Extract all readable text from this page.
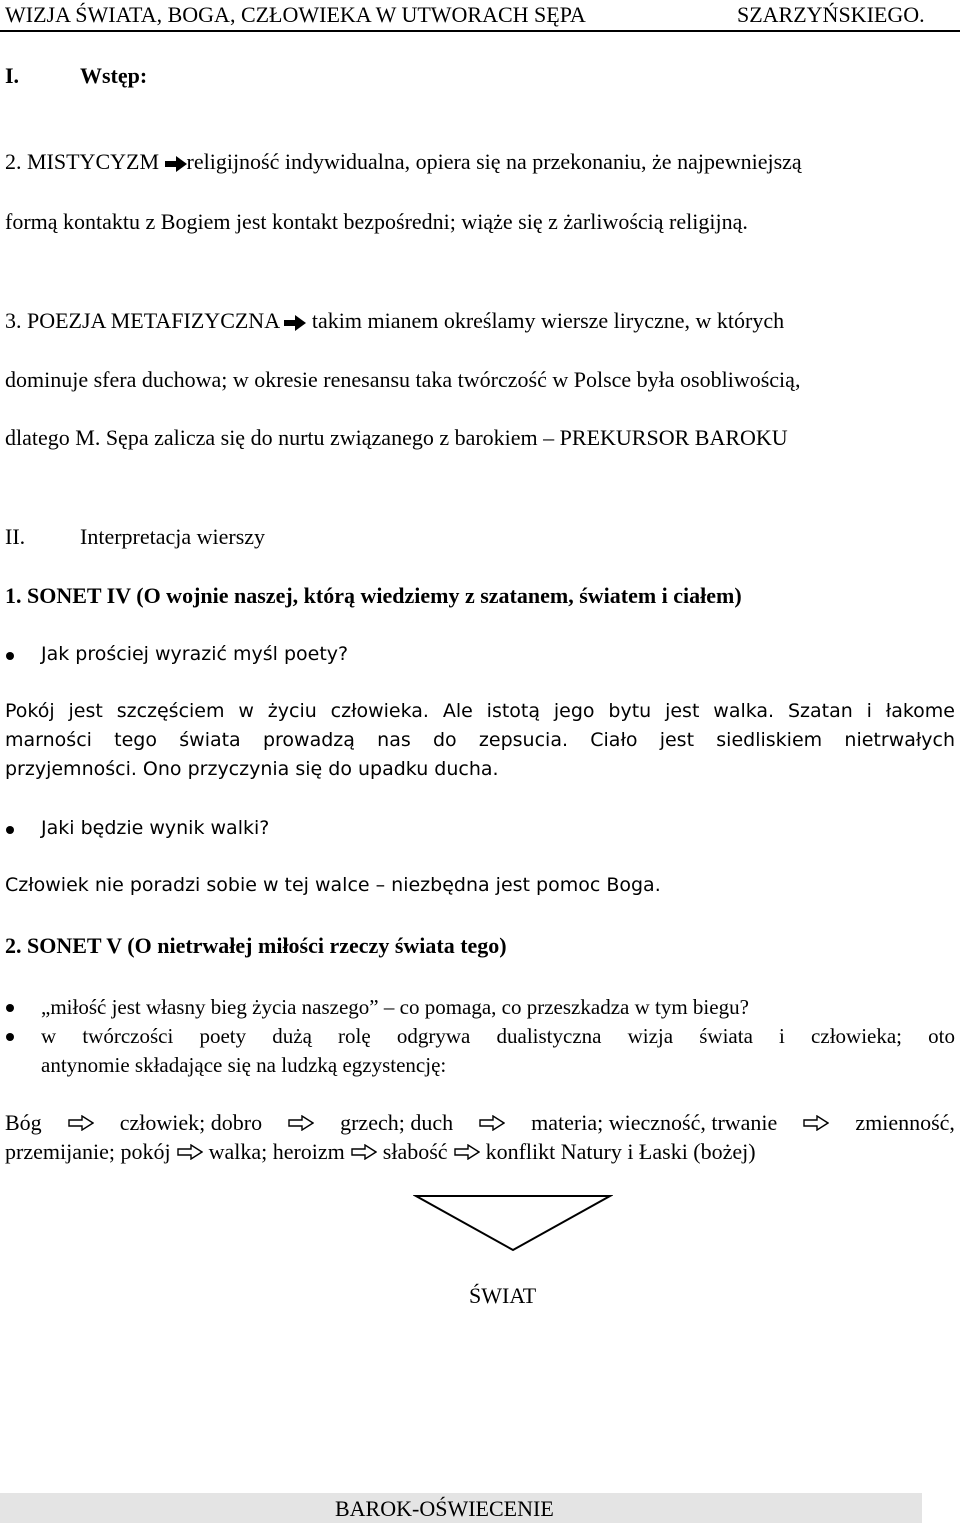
WIZJA ŚWIATA, BOGA, CZŁOWIEKA W UTWORACH SĘPA	SZARZYŃSKIEGO.
I.	Wstęp:
2. MISTYCYZM religijność indywidualna, opiera się na przekonaniu, że najpewniejszą
formą kontaktu z Bogiem jest kontakt bezpośredni; wiąże się z żarliwością religijną.
3. POEZJA METAFIZYCZNA  takim mianem określamy wiersze liryczne, w których
dominuje sfera duchowa; w okresie renesansu taka twórczość w Polsce była osobliwością,
dlatego M. Sępa zalicza się do nurtu związanego z barokiem – PREKURSOR BAROKU
II. Interpretacja wierszy
1. SONET IV (O wojnie naszej, którą wiedziemy z szatanem, światem i ciałem)
Jak prościej wyrazić myśl poety?
Pokój jest szczęściem w życiu człowieka. Ale istotą jego bytu jest walka. Szatan i łakome
marności tego świata prowadzą nas do zepsucia. Ciało jest siedliskiem nietrwałych
przyjemności. Ono przyczynia się do upadku ducha.
Jaki będzie wynik walki?
Człowiek nie poradzi sobie w tej walce – niezbędna jest pomoc Boga.
2. SONET V (O nietrwałej miłości rzeczy świata tego)
„miłość jest własny bieg życia naszego” – co pomaga, co przeszkadza w tym biegu?
w twórczości poety dużą rolę odgrywa dualistyczna wizja świata i człowieka; oto
antynomie składające się na ludzką egzystencję:
Bóg	człowiek; dobro	grzech; duch	materia; wieczność, trwanie	zmienność,
przemijanie; pokój walka; heroizm słabość konflikt Natury i Łaski (bożej)
ŚWIAT
BAROK-OŚWIECENIE
